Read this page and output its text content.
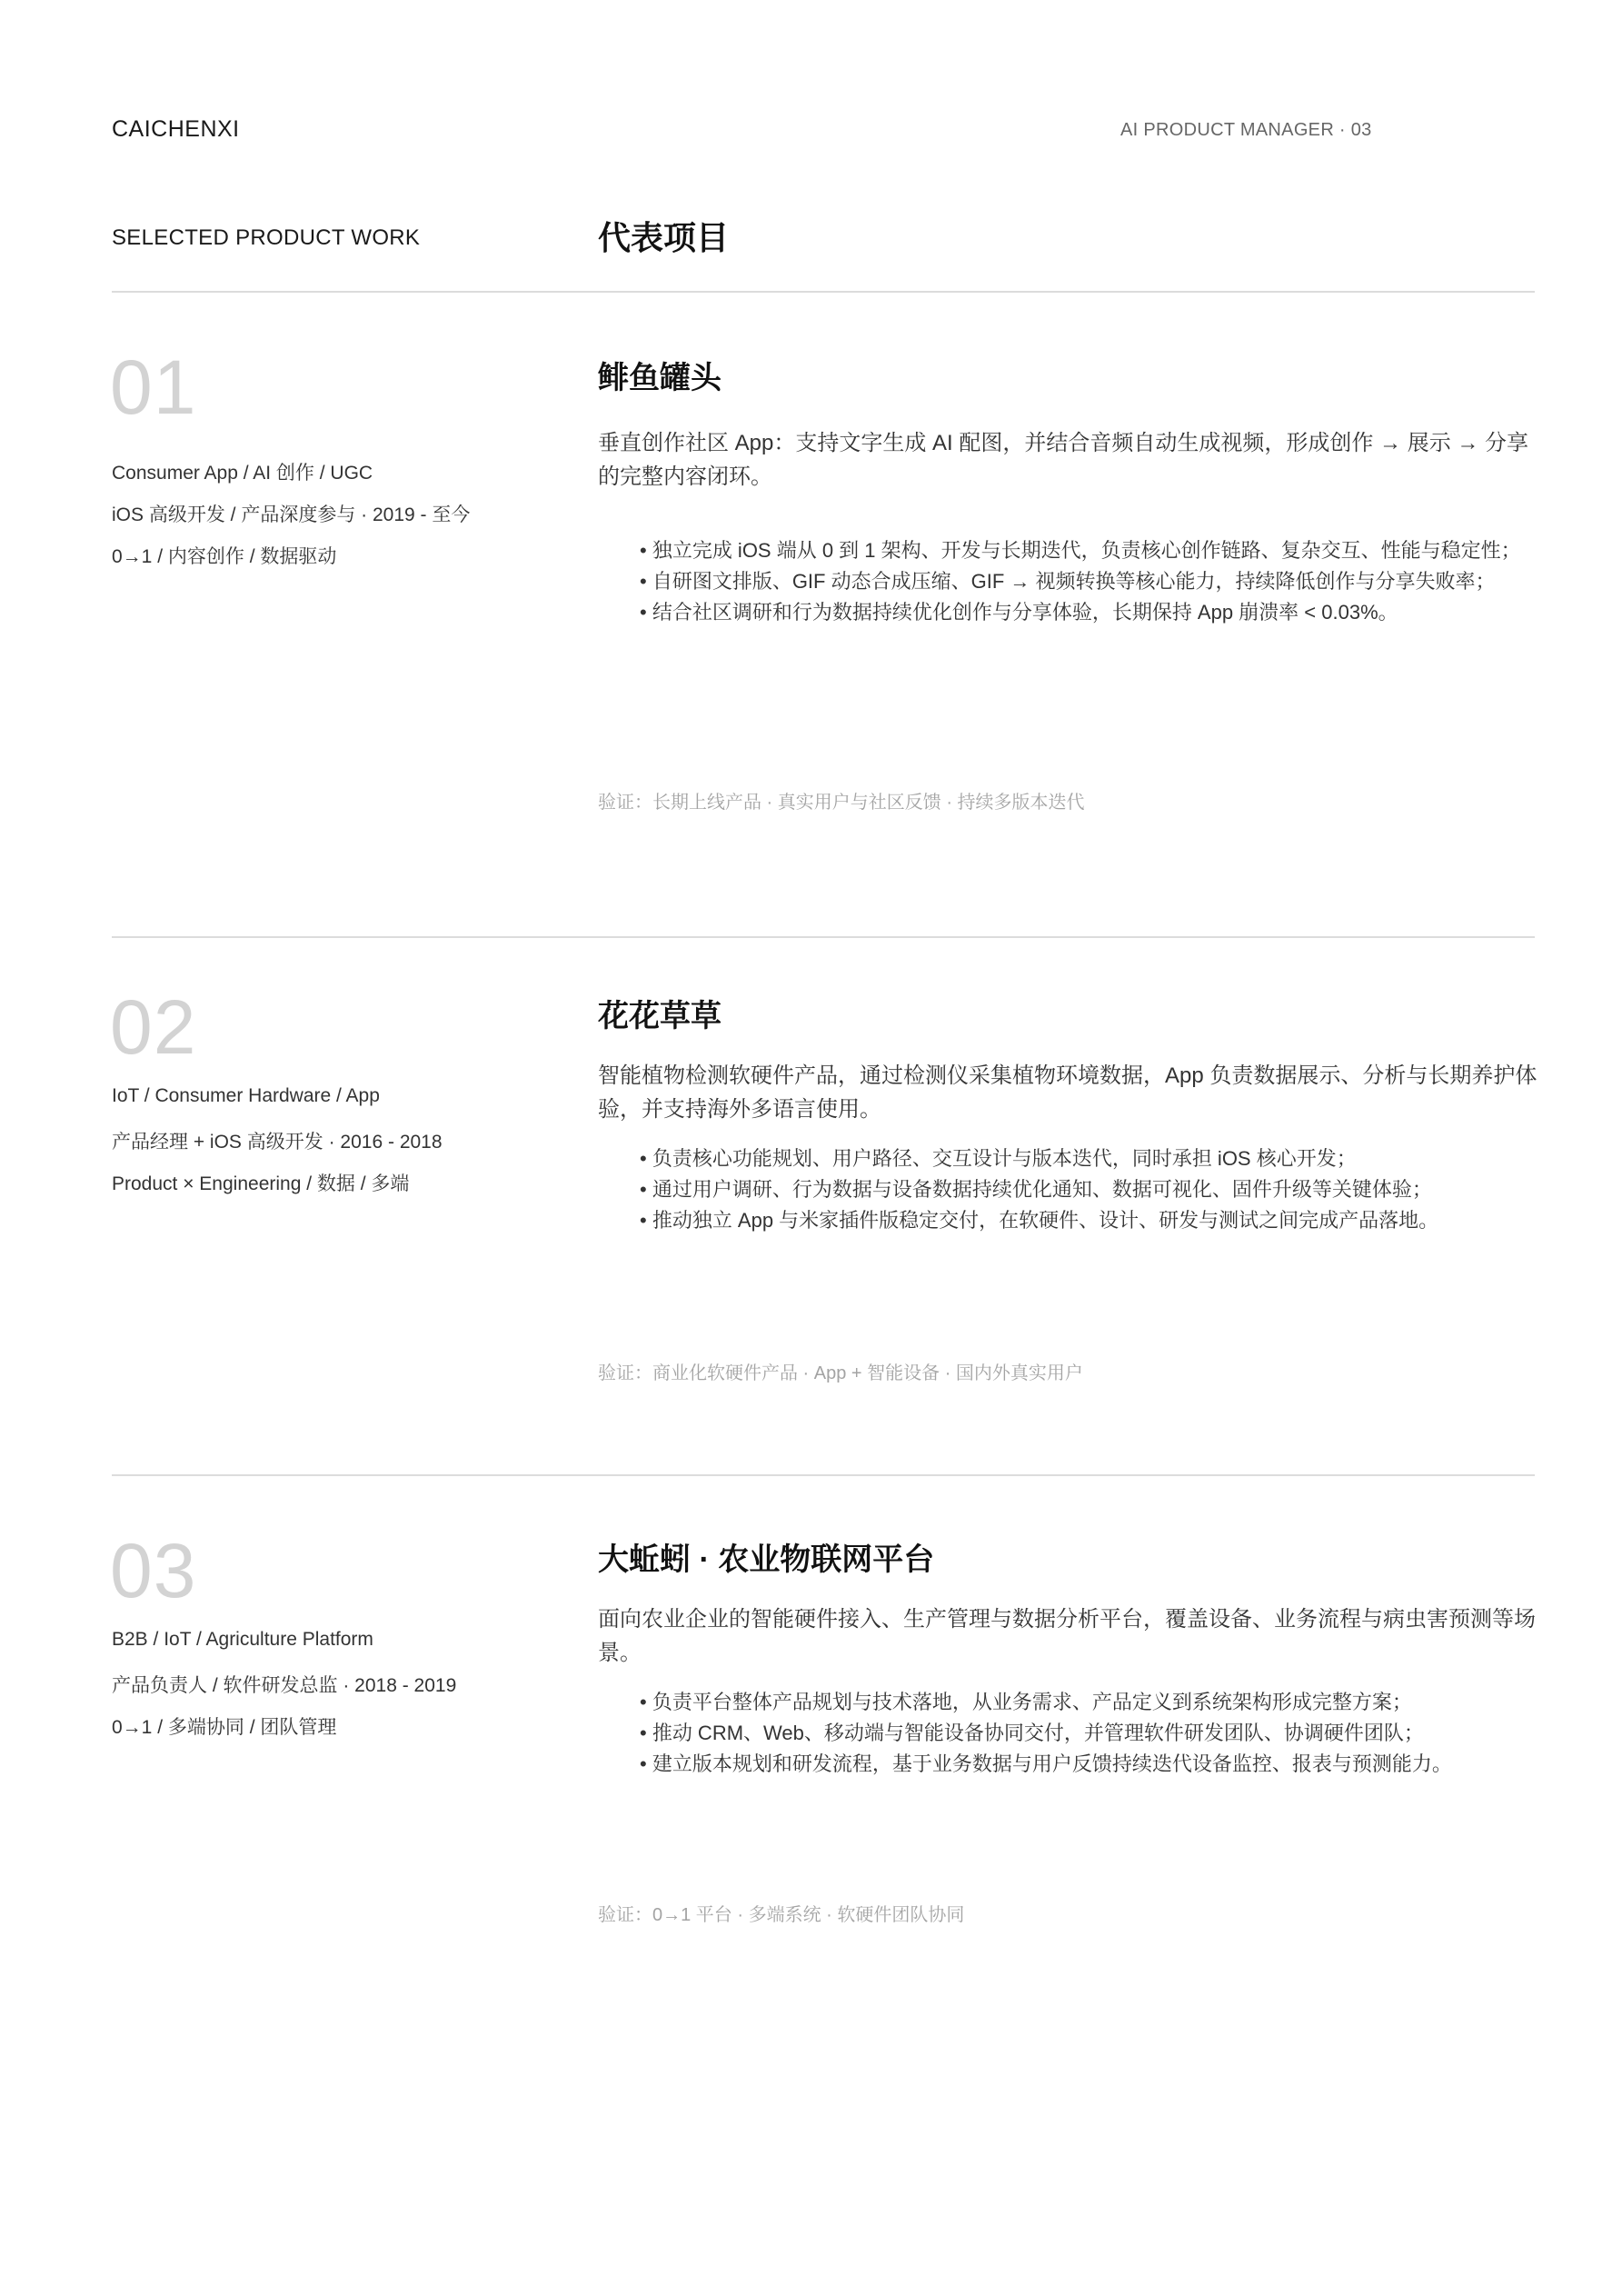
CAICHENXI	AI PRODUCT MANAGER · 03
SELECTED PRODUCT WORK	代表项目
01
Consumer App / AI 创作 / UGC
iOS 高级开发 / 产品深度参与 · 2019 - 至今
0→1 / 内容创作 / 数据驱动
鲱鱼罐头
垂直创作社区 App：支持文字生成 AI 配图，并结合音频自动生成视频，形成创作 → 展示 → 分享的完整内容闭环。
• 独立完成 iOS 端从 0 到 1 架构、开发与长期迭代，负责核心创作链路、复杂交互、性能与稳定性；
• 自研图文排版、GIF 动态合成压缩、GIF → 视频转换等核心能力，持续降低创作与分享失败率；
• 结合社区调研和行为数据持续优化创作与分享体验，长期保持 App 崩溃率 < 0.03%。
验证：长期上线产品 · 真实用户与社区反馈 · 持续多版本迭代
02
IoT / Consumer Hardware / App
产品经理 + iOS 高级开发 · 2016 - 2018
Product × Engineering / 数据 / 多端
花花草草
智能植物检测软硬件产品，通过检测仪采集植物环境数据，App 负责数据展示、分析与长期养护体验，并支持海外多语言使用。
• 负责核心功能规划、用户路径、交互设计与版本迭代，同时承担 iOS 核心开发；
• 通过用户调研、行为数据与设备数据持续优化通知、数据可视化、固件升级等关键体验；
• 推动独立 App 与米家插件版稳定交付，在软硬件、设计、研发与测试之间完成产品落地。
验证：商业化软硬件产品 · App + 智能设备 · 国内外真实用户
03
B2B / IoT / Agriculture Platform
产品负责人 / 软件研发总监 · 2018 - 2019
0→1 / 多端协同 / 团队管理
大蚯蚓 · 农业物联网平台
面向农业企业的智能硬件接入、生产管理与数据分析平台，覆盖设备、业务流程与病虫害预测等场景。
• 负责平台整体产品规划与技术落地，从业务需求、产品定义到系统架构形成完整方案；
• 推动 CRM、Web、移动端与智能设备协同交付，并管理软件研发团队、协调硬件团队；
• 建立版本规划和研发流程，基于业务数据与用户反馈持续迭代设备监控、报表与预测能力。
验证：0→1 平台 · 多端系统 · 软硬件团队协同
